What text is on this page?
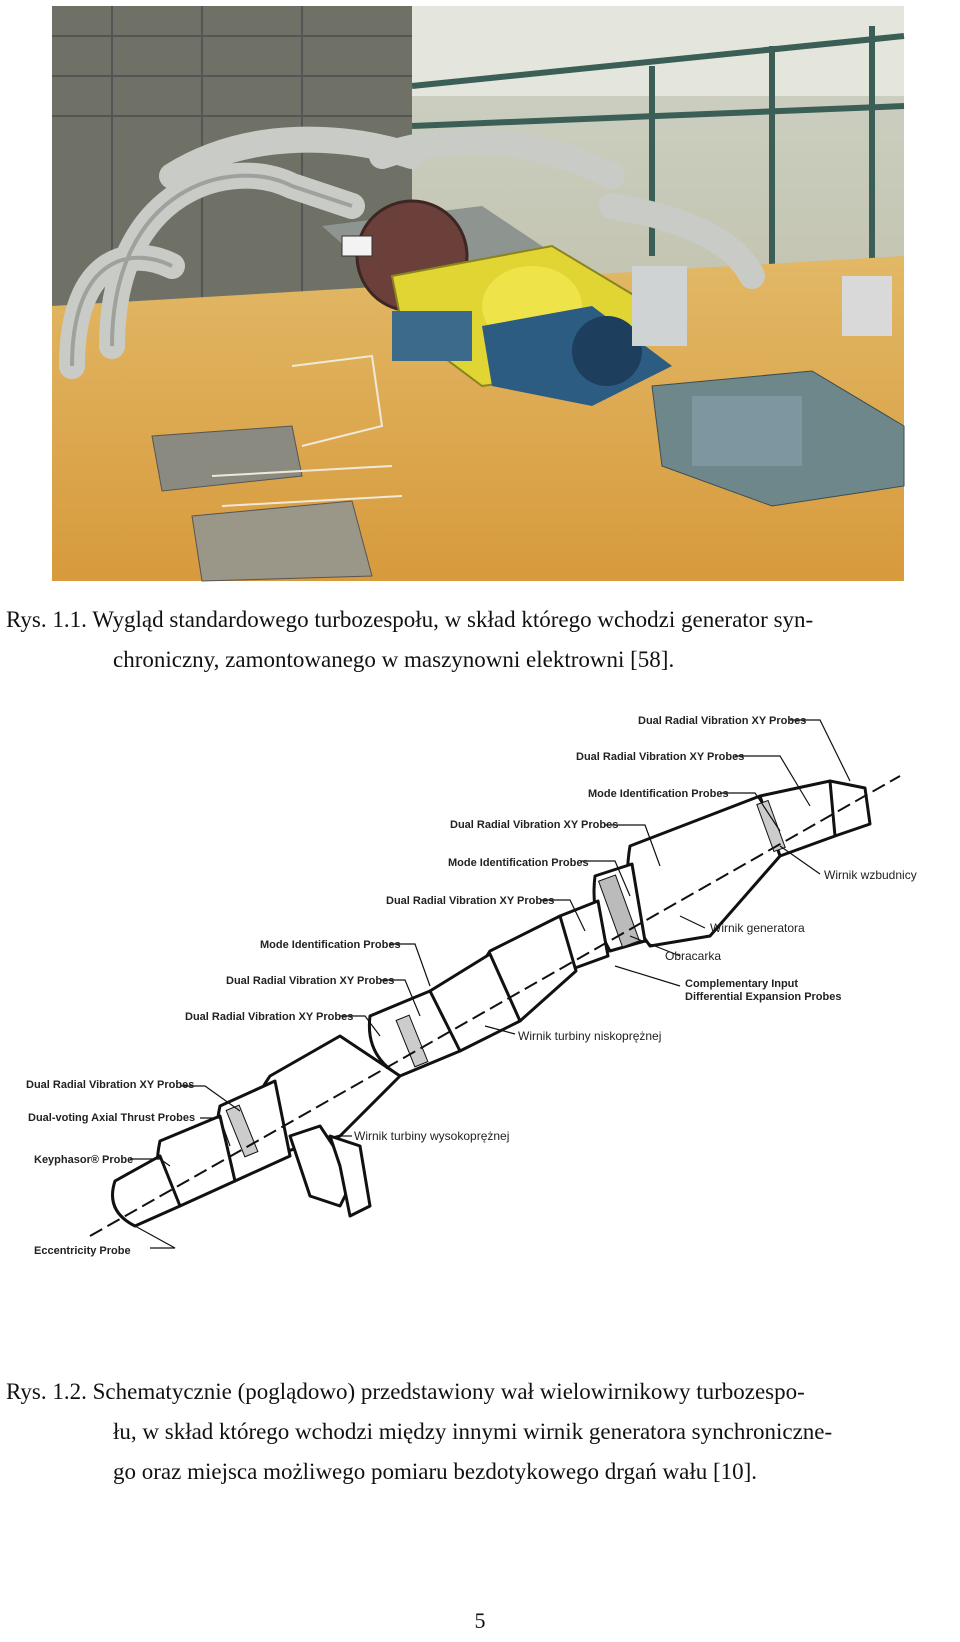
Rys. 1.1. Wygląd standardowego turbozespołu, w skład którego wchodzi generator syn-
chroniczny, zamontowanego w maszynowni elektrowni [58].
Dual Radial Vibration XY Probes
Dual Radial Vibration XY Probes
Mode Identification Probes
Dual Radial Vibration XY Probes
Mode Identification Probes
Dual Radial Vibration XY Probes
Mode Identification Probes
Dual Radial Vibration XY Probes
Dual Radial Vibration XY Probes
Dual Radial Vibration XY Probes
Dual-voting Axial Thrust Probes
Keyphasor® Probe
Eccentricity Probe
Wirnik wzbudnicy
Wirnik generatora
Obracarka
Complementary Input
Differential Expansion Probes
Wirnik turbiny niskoprężnej
Wirnik turbiny wysokoprężnej
Rys. 1.2. Schematycznie (poglądowo) przedstawiony wał wielowirnikowy turbozespo-
łu, w skład którego wchodzi między innymi wirnik generatora synchroniczne-
go oraz miejsca możliwego pomiaru bezdotykowego drgań wału [10].
5
